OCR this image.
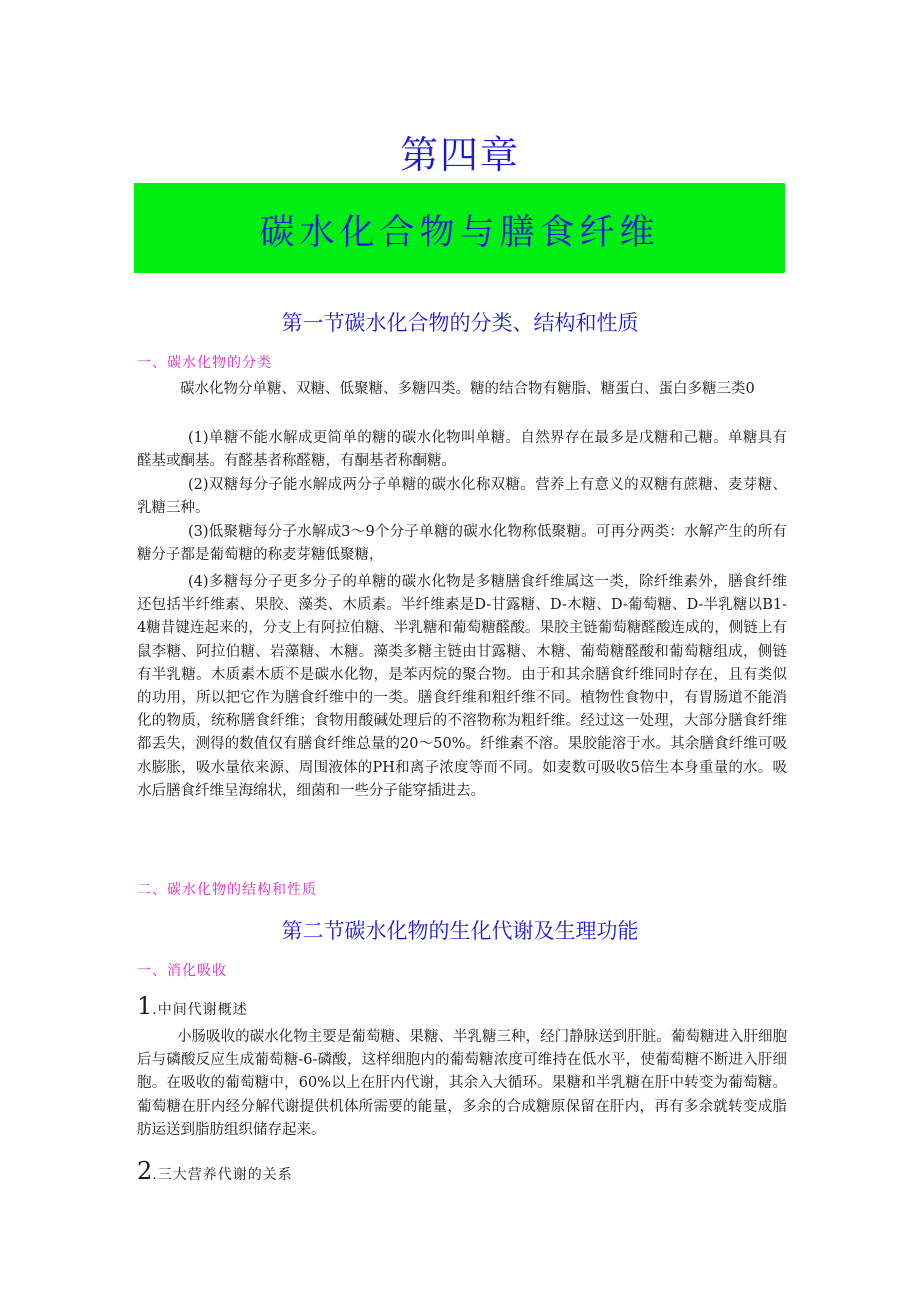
第四章
碳水化合物与膳食纤维
第一节碳水化合物的分类、结构和性质
一、碳水化物的分类
碳水化物分单糖、双糖、低聚糖、多糖四类。糖的结合物有糖脂、糖蛋白、蛋白多糖三类0
(1)单糖不能水解成更简单的糖的碳水化物叫单糖。自然界存在最多是戊糖和己糖。单糖具有醛基或酮基。有醛基者称醛糖，有酮基者称酮糖。
(2)双糖每分子能水解成两分子单糖的碳水化称双糖。营养上有意义的双糖有蔗糖、麦芽糖、乳糖三种。
(3)低聚糖每分子水解成3～9个分子单糖的碳水化物称低聚糖。可再分两类：水解产生的所有糖分子都是葡萄糖的称麦芽糖低聚糖，
(4)多糖每分子更多分子的单糖的碳水化物是多糖膳食纤维属这一类，除纤维素外，膳食纤维还包括半纤维素、果胶、藻类、木质素。半纤维素是D-甘露糖、D-木糖、D-葡萄糖、D-半乳糖以B1-4糖昔键连起来的，分支上有阿拉伯糖、半乳糖和葡萄糖醛酸。果胶主链葡萄糖醛酸连成的，侧链上有鼠李糖、阿拉伯糖、岩藻糖、木糖。藻类多糖主链由甘露糖、木糖、葡萄糖醛酸和葡萄糖组成，侧链有半乳糖。木质素木质不是碳水化物，是苯丙烷的聚合物。由于和其余膳食纤维同时存在，且有类似的功用，所以把它作为膳食纤维中的一类。膳食纤维和粗纤维不同。植物性食物中，有胃肠道不能消化的物质，统称膳食纤维；食物用酸碱处理后的不溶物称为粗纤维。经过这一处理，大部分膳食纤维都丢失，测得的数值仅有膳食纤维总量的20～50%。纤维素不溶。果胶能溶于水。其余膳食纤维可吸水膨胀，吸水量依来源、周围液体的PH和离子浓度等而不同。如麦数可吸收5倍生本身重量的水。吸水后膳食纤维呈海绵状，细菌和一些分子能穿插进去。
二、碳水化物的结构和性质
第二节碳水化物的生化代谢及生理功能
一、消化吸收
1.中间代谢概述
小肠吸收的碳水化物主要是葡萄糖、果糖、半乳糖三种，经门静脉送到肝脏。葡萄糖进入肝细胞后与磷酸反应生成葡萄糖-6-磷酸，这样细胞内的葡萄糖浓度可维持在低水平，使葡萄糖不断进入肝细胞。在吸收的葡萄糖中，60%以上在肝内代谢，其余入大循环。果糖和半乳糖在肝中转变为葡萄糖。葡萄糖在肝内经分解代谢提供机体所需要的能量，多余的合成糖原保留在肝内，再有多余就转变成脂肪运送到脂肪组织储存起来。
2.三大营养代谢的关系
